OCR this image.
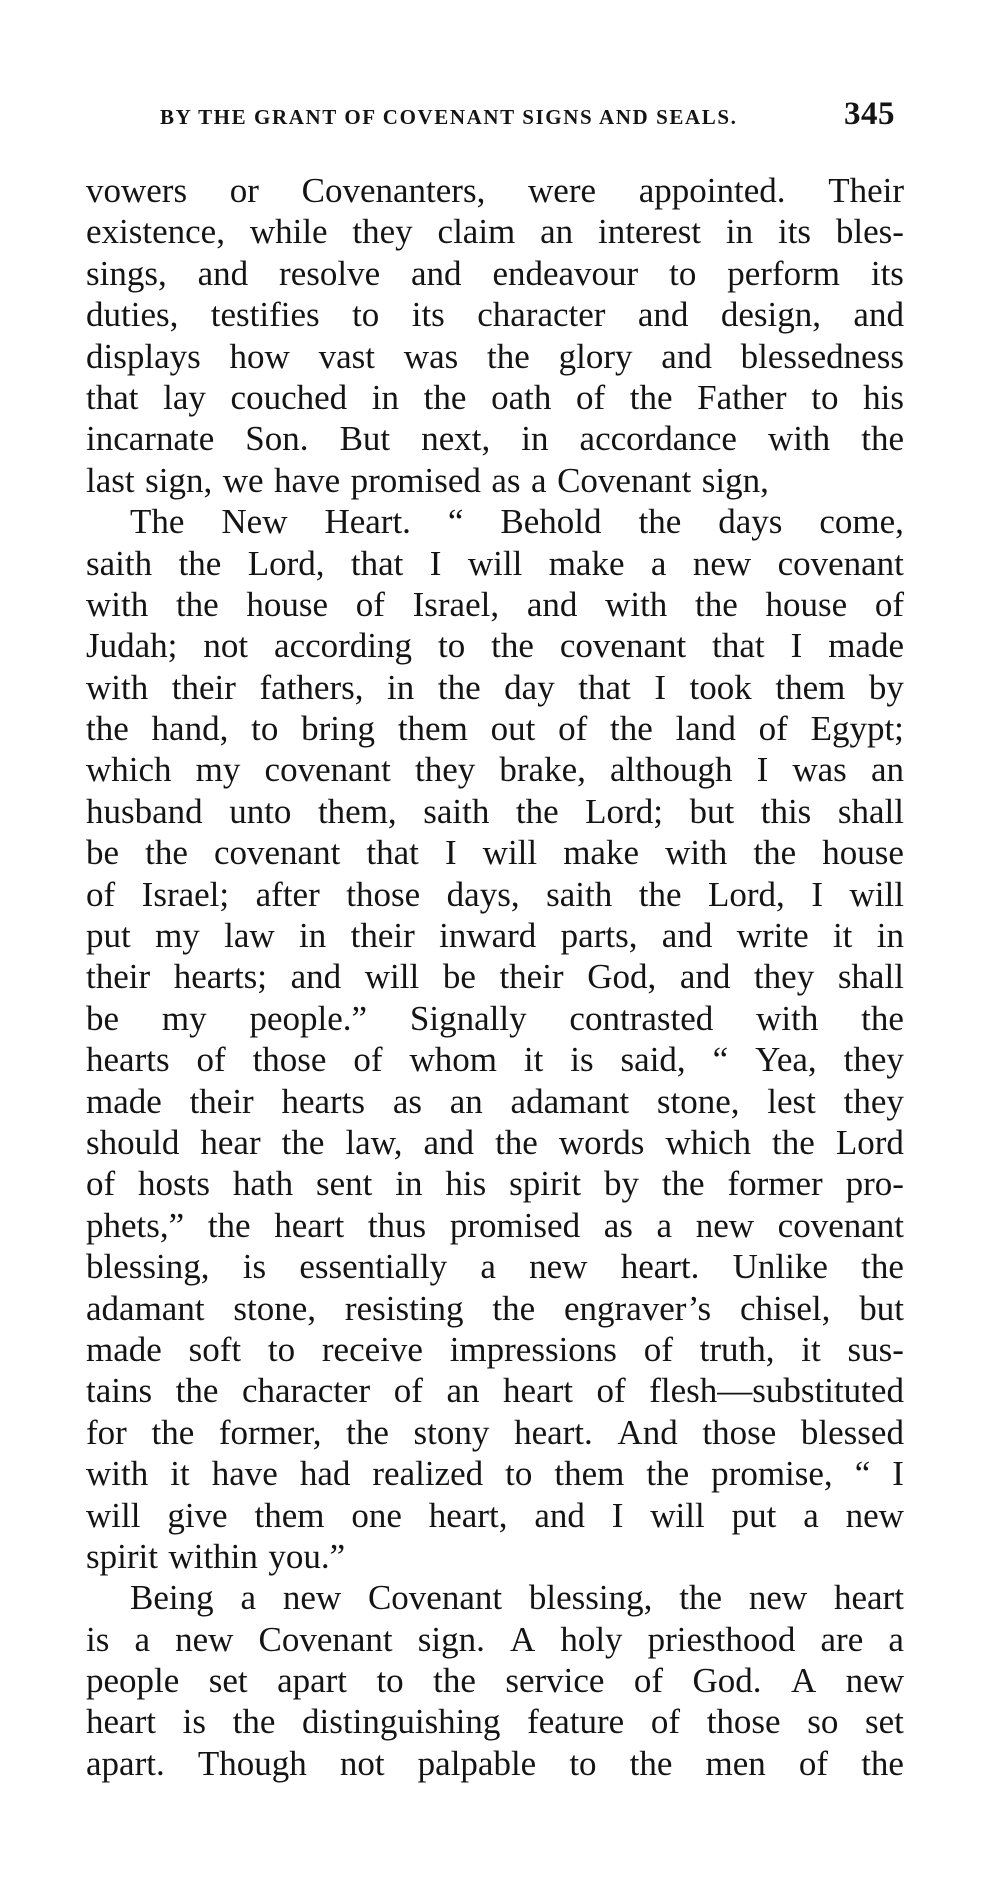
BY THE GRANT OF COVENANT SIGNS AND SEALS.	345
vowers or Covenanters, were appointed. Their
existence, while they claim an interest in its bles-
sings, and resolve and endeavour to perform its
duties, testifies to its character and design, and
displays how vast was the glory and blessedness
that lay couched in the oath of the Father to his
incarnate Son. But next, in accordance with the
last sign, we have promised as a Covenant sign,
The New Heart. “ Behold the days come,
saith the Lord, that I will make a new covenant
with the house of Israel, and with the house of
Judah; not according to the covenant that I made
with their fathers, in the day that I took them by
the hand, to bring them out of the land of Egypt;
which my covenant they brake, although I was an
husband unto them, saith the Lord; but this shall
be the covenant that I will make with the house
of Israel; after those days, saith the Lord, I will
put my law in their inward parts, and write it in
their hearts; and will be their God, and they shall
be my people.” Signally contrasted with the
hearts of those of whom it is said, “ Yea, they
made their hearts as an adamant stone, lest they
should hear the law, and the words which the Lord
of hosts hath sent in his spirit by the former pro-
phets,” the heart thus promised as a new covenant
blessing, is essentially a new heart. Unlike the
adamant stone, resisting the engraver’s chisel, but
made soft to receive impressions of truth, it sus-
tains the character of an heart of flesh—substituted
for the former, the stony heart. And those blessed
with it have had realized to them the promise, “ I
will give them one heart, and I will put a new
spirit within you.”
Being a new Covenant blessing, the new heart
is a new Covenant sign. A holy priesthood are a
people set apart to the service of God. A new
heart is the distinguishing feature of those so set
apart. Though not palpable to the men of the
